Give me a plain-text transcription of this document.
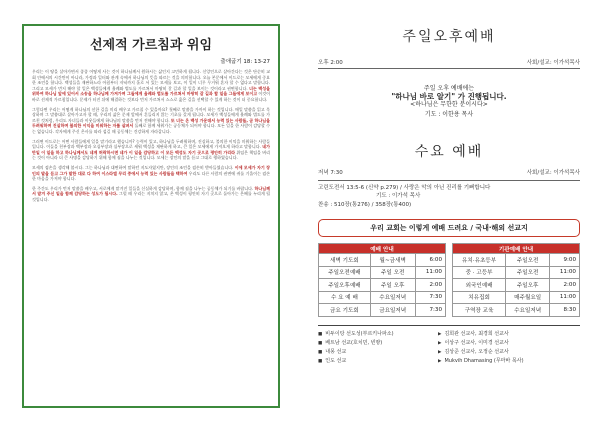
선제적 가르침과 위임
출애굽기 18: 13-27
우리는 이 땅을 살아가면서 종종 어떻게 사는 것이 하나님께서 원하시는 삶인지 고민하게 됩니다. 신앙인으로 살아간다는 것은 단순히 교회 안에서의 시간만이 아니라, 가정과 일터와 관계 속에서 하나님의 뜻을 따르는 것을 의미합니다. 오늘 본문에서 이드로는 모세에게 중요한 조언을 합니다. 백성들을 재판하느라 아침부터 저녁까지 홀로 서 있는 모세를 보고, 이 일이 너무 무거워 혼자 할 수 없다고 말합니다. 그리고 모세가 먼저 해야 할 일은 백성들에게 율례와 법도를 가르쳐서 마땅히 갈 길과 할 일을 보이는 것이라고 권면합니다. 너는 백성을 위하여 하나님 앞에 있어서 소송을 하나님께 가져가며 그들에게 율례와 법도를 가르쳐서 마땅히 갈 길과 할 일을 그들에게 보이고 이것이 바로 선제적 가르침입니다. 문제가 터진 뒤에 해결하는 것보다 먼저 가르쳐서 스스로 옳은 길을 선택할 수 있게 하는 것이 더 중요합니다.
그렇다면 우리는 어떻게 하나님의 선한 길을 미리 배우고 가르칠 수 있을까요? 첫째로 말씀을 가까이 하는 것입니다. 매일 말씀을 읽고 묵상하며 그 말씀대로 살아가고자 할 때, 우리의 삶은 문제 앞에서 흔들리지 않는 기초를 갖게 됩니다. 모세가 백성들에게 율례와 법도를 가르친 것처럼, 우리도 자녀들과 이웃들에게 하나님의 말씀을 먼저 전해야 합니다. 또 너는 온 백성 가운데서 능력 있는 사람들, 곧 하나님을 두려워하며 진실하며 불의한 이익을 미워하는 자를 살펴서 둘째로 함께 세워가는 공동체가 되어야 합니다. 모든 일을 한 사람이 감당할 수는 없습니다. 각자에게 주신 은사를 따라 섬길 때 공동체는 건강하게 자라갑니다.
그러면 이드로는 어떤 사람들에게 일을 맡기라고 했습니까? 능력이 있고, 하나님을 두려워하며, 진실하고, 불의한 이익을 미워하는 사람들입니다. 이들을 천부장과 백부장과 오십부장과 십부장으로 세워 백성을 재판하게 하고, 큰 일은 모세에게 가져오게 하라고 말합니다. 네가 만일 이 일을 하고 하나님께서도 네게 허락하시면 네가 이 일을 감당하고 이 모든 백성도 자기 곳으로 평안히 가리라 위임은 책임을 버리는 것이 아니라 더 큰 사명을 감당하기 위해 함께 짐을 나누는 것입니다. 모세는 장인의 말을 듣고 그대로 행하였습니다.
모세의 겸손을 생각해 봅시다. 그는 하나님과 대면하여 말하던 지도자였지만, 장인의 조언을 겸손히 받아들였습니다. 이에 모세가 자기 장인의 말을 듣고 그가 말한 대로 다 하여 이스라엘 무리 중에서 능력 있는 사람들을 택하여 우리도 다른 사람의 권면에 귀를 기울이는 겸손한 마음을 가져야 합니다.
한 주간도 우리가 먼저 말씀을 배우고, 서로에게 맡겨진 일들을 신실하게 감당하며, 함께 짐을 나누는 공동체가 되기를 바랍니다. 하나님께서 맡겨 주신 일을 함께 감당하는 성도가 됩시다. 그럴 때 우리는 지치지 않고, 온 백성이 평안히 자기 곳으로 돌아가는 은혜를 누리게 될 것입니다.
주일오후예배
오후 2:00	사회/설교: 이가석목사
주일 오후 예배에는
"하나님 바로 알기" 가 진행됩니다.
<하나님은 무한한 분이시다>
기도 : 이한용 목사
수요 예배
저녁 7:30	사회/설교: 이가석목사
고린도전서 13:5-6 (신약 p.279) / 사랑은 악의 아닌 진리를 기뻐합니다
기도 : 이가석 목사
찬송 : 510장(통276) / 358장(통400)
우리 교회는 이렇게 예배 드려요 / 국내·해외 선교지
예배 안내		
새벽 기도회	월~금새벽	6:00
주일오전예배	주일 오전	11:00
주일오후예배	주일 오후	2:00
수 요 예 배	수요일저녁	7:30
금요 기도회	금요일저녁	7:30
기관예배 안내		
유치·유초등부	주일오전	9:00
중 · 고등부	주일오전	11:00
외국인예배	주일오후	2:00
치유집회	매주월요일	11:00
구역장 교육	수요일저녁	8:30
■ 비두이탕 선도성(부르키나파소)	▶ 김희관 선교사, 최경희 선교사
■ 베트남 선교(호치민, 빈땅)	▶ 이상구 선교사, 이미경 선교사
■ 내몽 선교	▶ 김상준 선교사, 오정순 선교사
■ 인도 선교	▶ Mukvih Dhamasing (무마바 목사)
